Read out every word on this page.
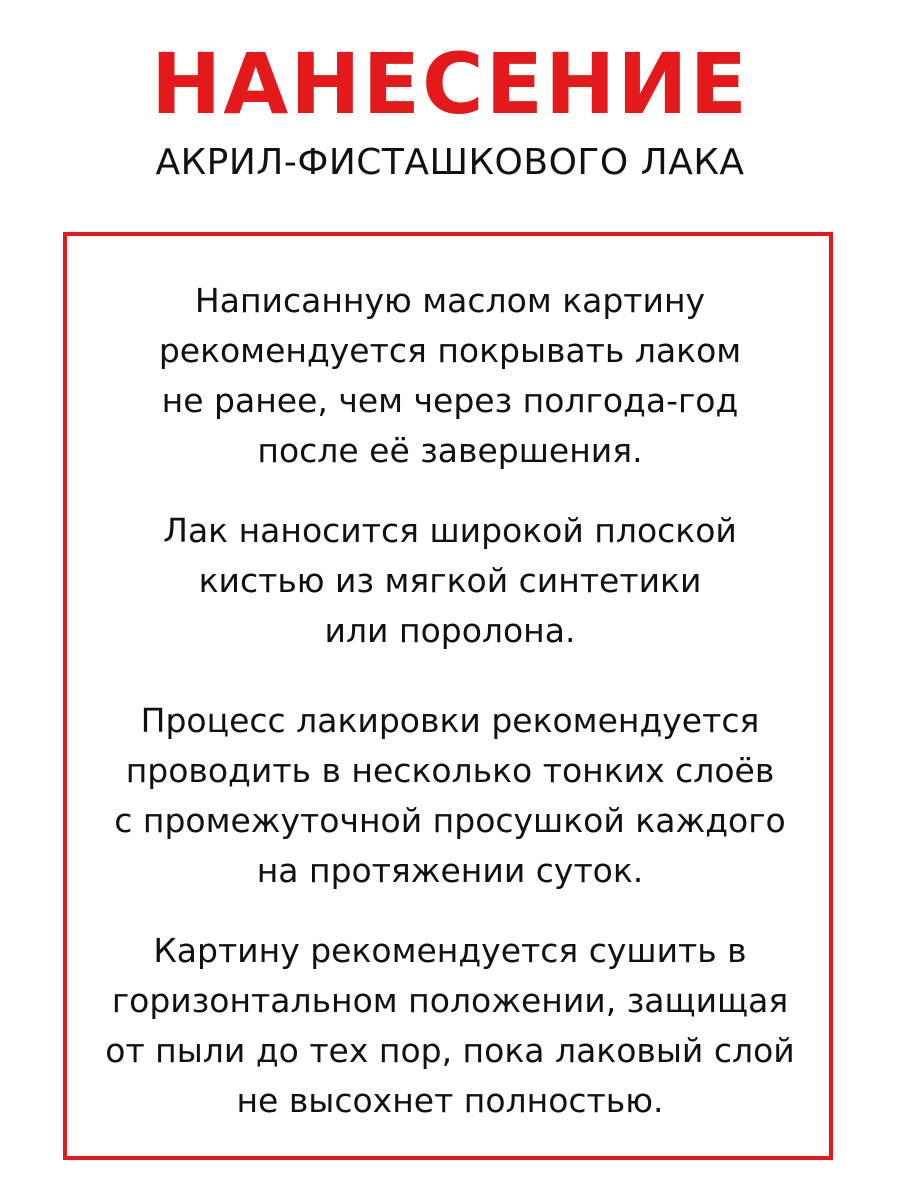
НАНЕСЕНИЕ
АКРИЛ-ФИСТАШКОВОГО ЛАКА
Написанную маслом картину
рекомендуется покрывать лаком
не ранее, чем через полгода-год
после её завершения.
Лак наносится широкой плоской
кистью из мягкой синтетики
или поролона.
Процесс лакировки рекомендуется
проводить в несколько тонких слоёв
с промежуточной просушкой каждого
на протяжении суток.
Картину рекомендуется сушить в
горизонтальном положении, защищая
от пыли до тех пор, пока лаковый слой
не высохнет полностью.
